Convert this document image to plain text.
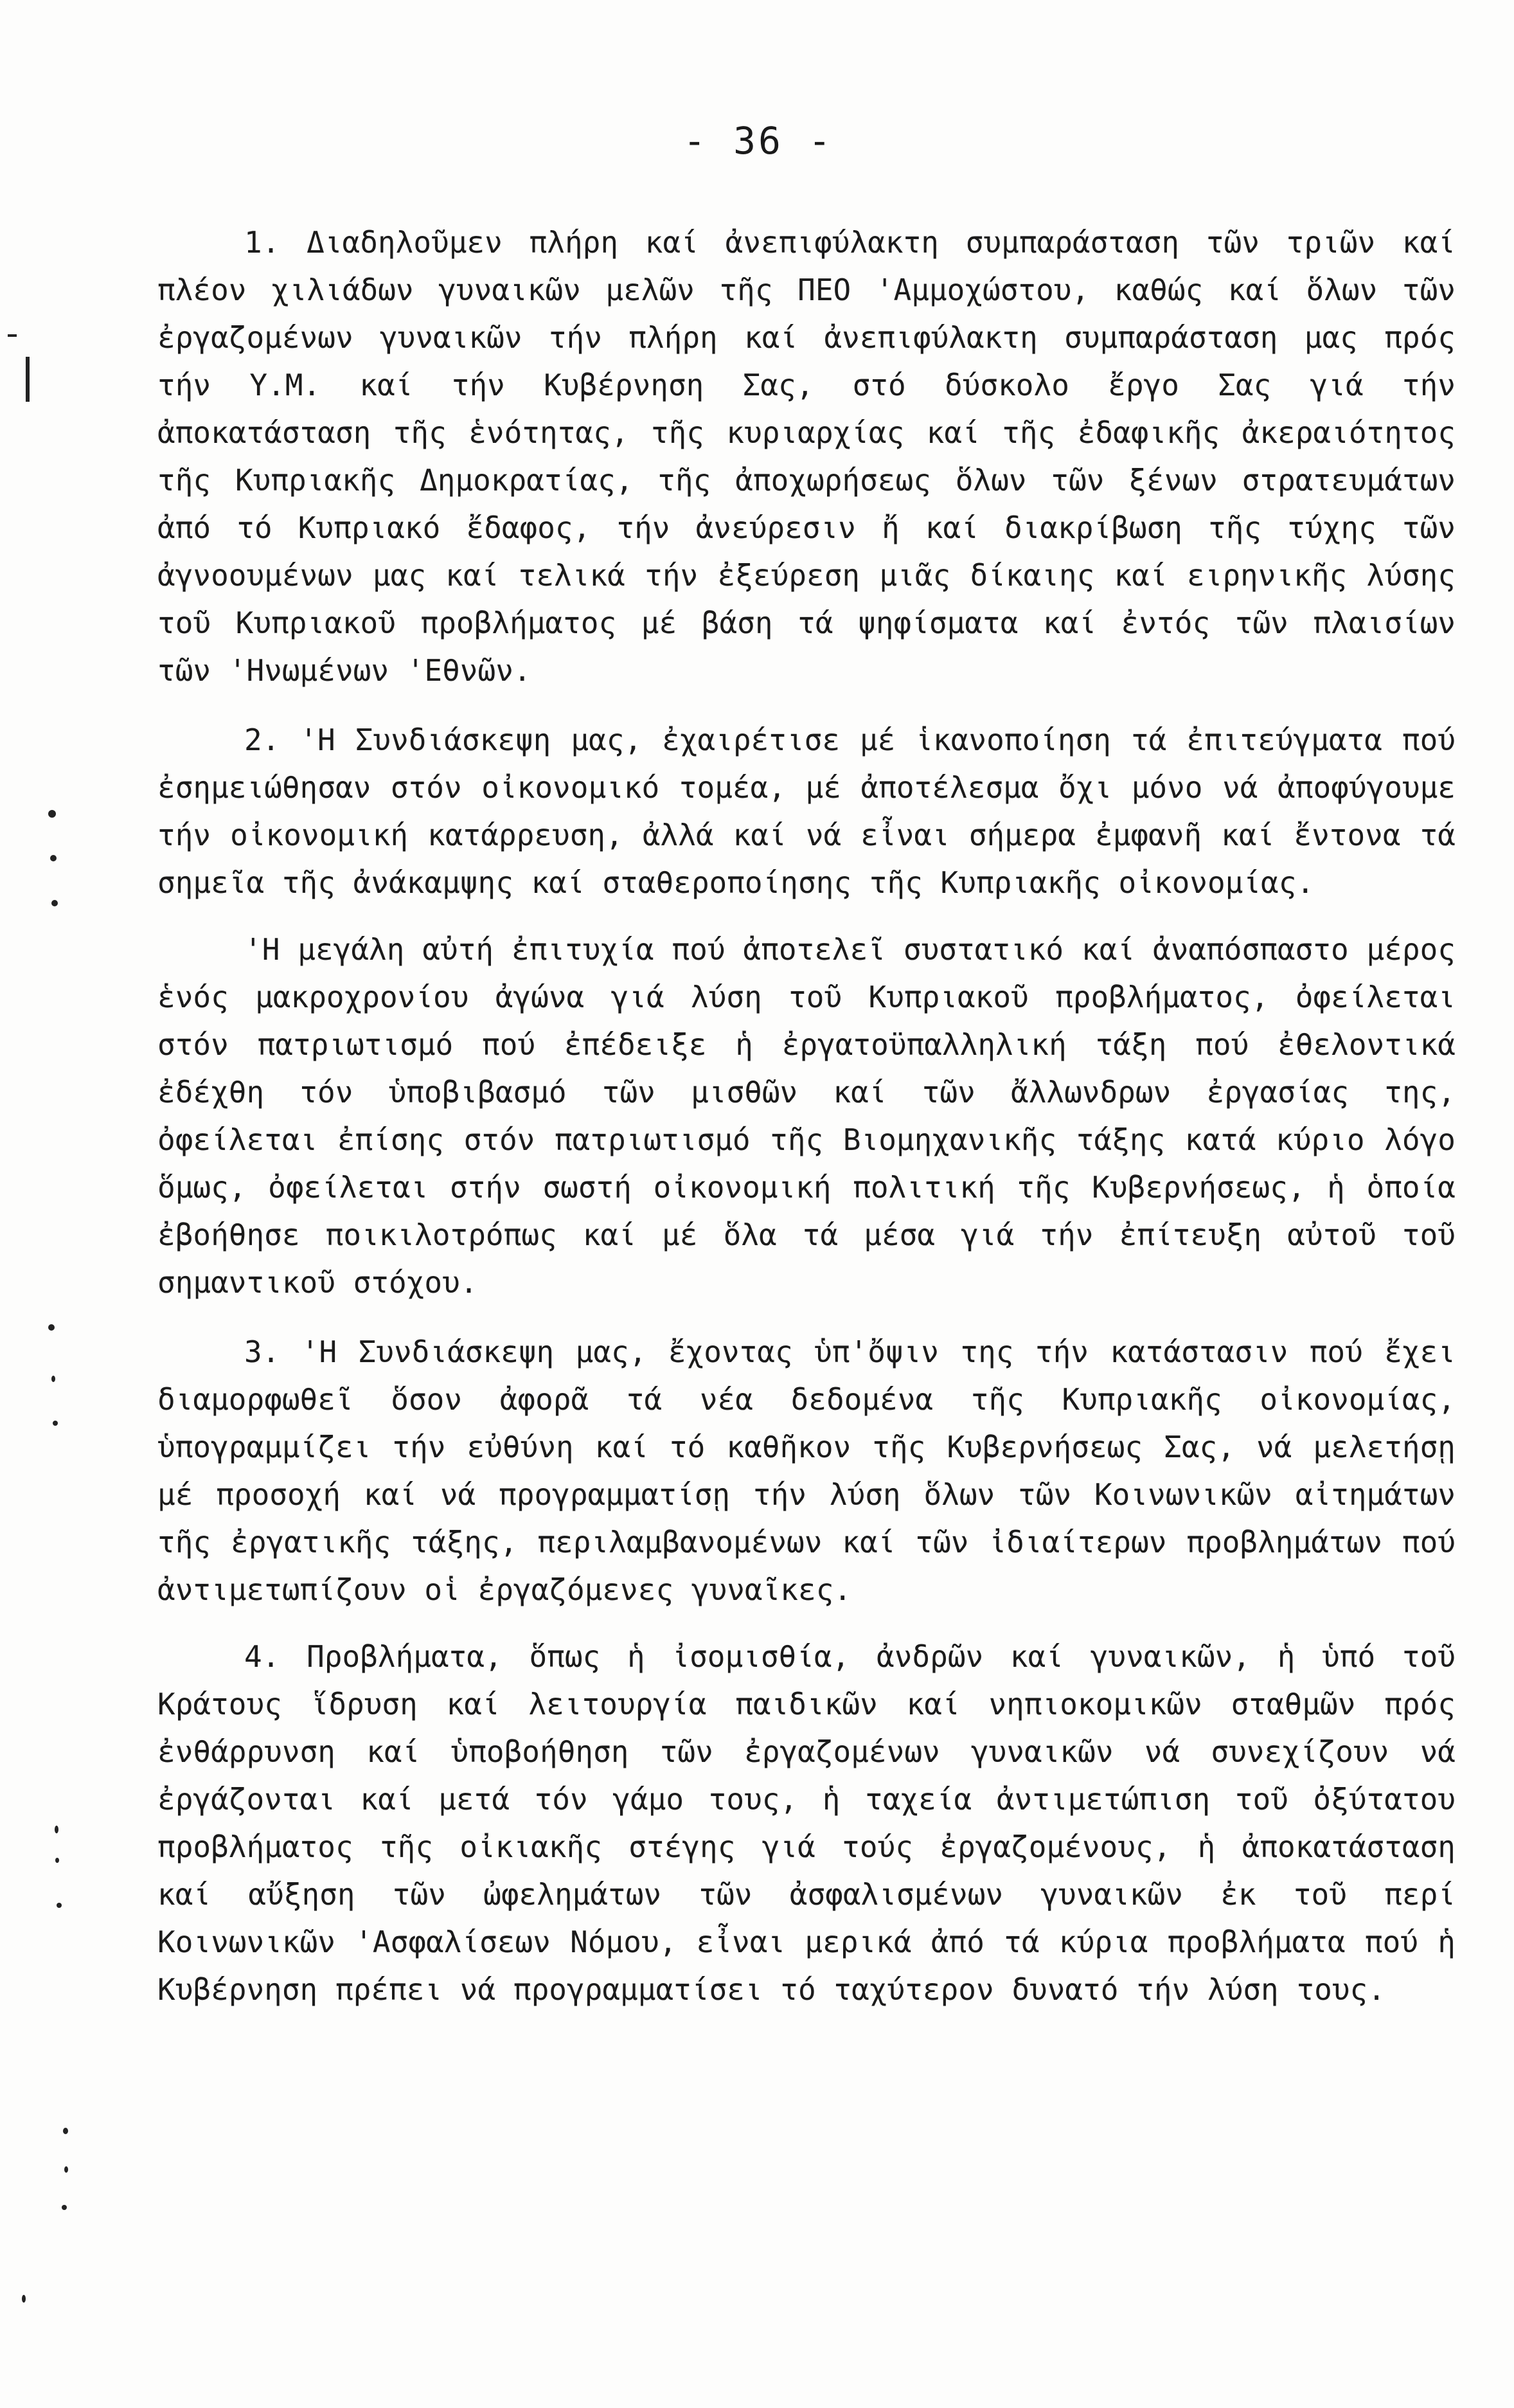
- 36 -

1. Διαδηλοῦμεν πλήρη καί ἀνεπιφύλακτη συμπαράσταση τῶν τριῶν καί πλέον χιλιάδων γυναικῶν μελῶν τῆς ΠΕΟ 'Αμμοχώστου, καθώς καί ὅλων τῶν ἐργαζομένων γυναικῶν τήν πλήρη καί ἀνεπιφύλακτη συμπαράσταση μας πρός τήν Υ.Μ. καί τήν Κυβέρνηση Σας, στό δύσκολο ἔργο Σας γιά τήν ἀποκατάσταση τῆς ἑνότητας, τῆς κυριαρχίας καί τῆς ἐδαφικῆς ἀκεραιότητος τῆς Κυπριακῆς Δημοκρατίας, τῆς ἀποχωρήσεως ὅλων τῶν ξένων στρατευμάτων ἀπό τό Κυπριακό ἔδαφος, τήν ἀνεύρεσιν ἤ καί διακρίβωση τῆς τύχης τῶν ἀγνοουμένων μας καί τελικά τήν ἐξεύρεση μιᾶς δίκαιης καί ειρηνικῆς λύσης τοῦ Κυπριακοῦ προβλήματος μέ βάση τά ψηφίσματα καί ἐντός τῶν πλαισίων τῶν 'Ηνωμένων 'Εθνῶν.

2. 'Η Συνδιάσκεψη μας, ἐχαιρέτισε μέ ἱκανοποίηση τά ἐπιτεύγματα πού ἐσημειώθησαν στόν οἰκονομικό τομέα, μέ ἀποτέλεσμα ὄχι μόνο νά ἀποφύγουμε τήν οἰκονομική κατάρρευση, ἀλλά καί νά εἶναι σήμερα ἐμφανῆ καί ἔντονα τά σημεῖα τῆς ἀνάκαμψης καί σταθεροποίησης τῆς Κυπριακῆς οἰκονομίας.

'Η μεγάλη αὐτή ἐπιτυχία πού ἀποτελεῖ συστατικό καί ἀναπόσπαστο μέρος ἑνός μακροχρονίου ἀγώνα γιά λύση τοῦ Κυπριακοῦ προβλήματος, ὀφείλεται στόν πατριωτισμό πού ἐπέδειξε ἡ ἐργατοϋπαλληλική τάξη πού ἐθελοντικά ἐδέχθη τόν ὑποβιβασμό τῶν μισθῶν καί τῶν ἄλλωνδρων ἐργασίας της, ὀφείλεται ἐπίσης στόν πατριωτισμό τῆς Βιομηχανικῆς τάξης κατά κύριο λόγο ὅμως, ὀφείλεται στήν σωστή οἰκονομική πολιτική τῆς Κυβερνήσεως, ἡ ὁποία ἐβοήθησε ποικιλοτρόπως καί μέ ὅλα τά μέσα γιά τήν ἐπίτευξη αὐτοῦ τοῦ σημαντικοῦ στόχου.

3. 'Η Συνδιάσκεψη μας, ἔχοντας ὑπ'ὄψιν της τήν κατάστασιν πού ἔχει διαμορφωθεῖ ὅσον ἀφορᾶ τά νέα δεδομένα τῆς Κυπριακῆς οἰκονομίας, ὑπογραμμίζει τήν εὐθύνη καί τό καθῆκον τῆς Κυβερνήσεως Σας, νά μελετήσῃ μέ προσοχή καί νά προγραμματίσῃ τήν λύση ὅλων τῶν Κοινωνικῶν αἰτημάτων τῆς ἐργατικῆς τάξης, περιλαμβανομένων καί τῶν ἰδιαίτερων προβλημάτων πού ἀντιμετωπίζουν οἱ ἐργαζόμενες γυναῖκες.

4. Προβλήματα, ὅπως ἡ ἰσομισθία, ἀνδρῶν καί γυναικῶν, ἡ ὑπό τοῦ Κράτους ἵδρυση καί λειτουργία παιδικῶν καί νηπιοκομικῶν σταθμῶν πρός ἐνθάρρυνση καί ὑποβοήθηση τῶν ἐργαζομένων γυναικῶν νά συνεχίζουν νά ἐργάζονται καί μετά τόν γάμο τους, ἡ ταχεία ἀντιμετώπιση τοῦ ὀξύτατου προβλήματος τῆς οἰκιακῆς στέγης γιά τούς ἐργαζομένους, ἡ ἀποκατάσταση καί αὔξηση τῶν ὠφελημάτων τῶν ἀσφαλισμένων γυναικῶν ἐκ τοῦ περί Κοινωνικῶν 'Ασφαλίσεων Νόμου, εἶναι μερικά ἀπό τά κύρια προβλήματα πού ἡ Κυβέρνηση πρέπει νά προγραμματίσει τό ταχύτερον δυνατό τήν λύση τους.
